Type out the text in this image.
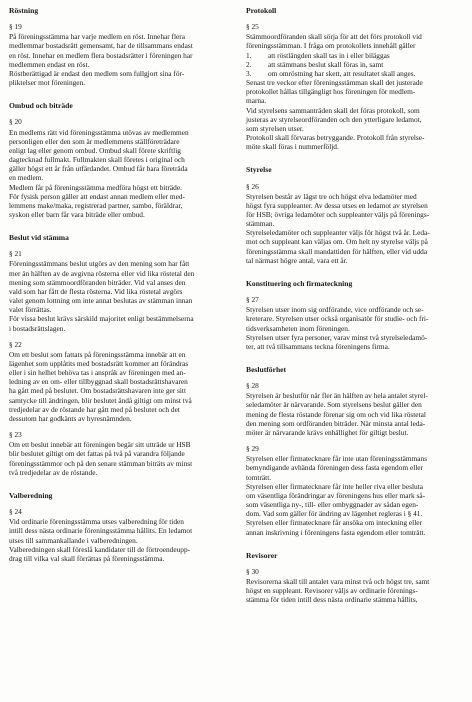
Röstning
§ 19
På föreningsstämma har varje medlem en röst. Innehar flera
medlemmar bostadsrätt gemensamt, har de tillsammans endast
en röst. Innehar en medlem flera bostadsrätter i föreningen har
medlemmen endast en röst.
Röstberättigad är endast den medlem som fullgjort sina för-
pliktelser mot föreningen.
Ombud och biträde
§ 20
En medlems rätt vid föreningsstämma utövas av medlemmen
personligen eller den som är medlemmens ställföreträdare
enligt lag eller genom ombud. Ombud skall förete skriftlig
dagtecknad fullmakt. Fullmakten skall företes i original och
gäller högst ett år från utfärdandet. Ombud får bara företräda
en medlem.
Medlem får på föreningsstämma medföra högst ett biträde.
För fysisk person gäller att endast annan medlem eller med-
lemmens make/maka, registrerad partner, sambo, föräldrar,
syskon eller barn får vara biträde eller ombud.
Beslut vid stämma
§ 21
Föreningsstämmans beslut utgörs av den mening som har fått
mer än hälften av de avgivna rösterna eller vid lika röstetal den
mening som stämmoordföranden biträder. Vid val anses den
vald som har fått de flesta rösterna. Vid lika röstetal avgörs
valet genom lottning om inte annat beslutas av stämman innan
valet förrättas.
För vissa beslut krävs särskild majoritet enligt bestämmelserna
i bostadsrättslagen.
§ 22
Om ett beslut som fattats på föreningsstämma innebär att en
lägenhet som upplåtits med bostadsrätt kommer att förändras
eller i sin helhet behöva tas i anspråk av föreningen med an-
ledning av en om- eller tillbyggnad skall bostadsrättshavaren
ha gått med på beslutet. Om bostadsrättshavaren inte ger sitt
samtycke till ändringen, blir beslutet ändå giltigt om minst två
tredjedelar av de röstande har gått med på beslutet och det
dessutom har godkänts av hyresnämnden.
§ 23
Om ett beslut innebär att föreningen begär sitt utträde ur HSB
blir beslutet giltigt om det fattas på två på varandra följande
föreningsstämmor och på den senare stämman biträts av minst
två tredjedelar av de röstande.
Valberedning
§ 24
Vid ordinarie föreningsstämma utses valberedning för tiden
intill dess nästa ordinarie föreningsstämma hållits. En ledamot
utses till sammankallande i valberedningen.
Valberedningen skall föreslå kandidater till de förtroendeupp-
drag till vilka val skall förrättas på föreningsstämma.
Protokoll
§ 25
Stämmoordföranden skall sörja för att det förs protokoll vid
föreningsstämman. I fråga om protokollets innehåll gäller
1.	att röstlängden skall tas in i eller biläggas
2.	att stämmans beslut skall föras in, samt
3.	om omröstning har skett, att resultatet skall anges.
Senast tre veckor efter föreningsstämman skall det justerade
protokollet hållas tillgängligt hos föreningen för medlem-
marna.
Vid styrelsens sammanträden skall det föras protokoll, som
justeras av styrelseordföranden och den ytterligare ledamot,
som styrelsen utser.
Protokoll skall förvaras betryggande. Protokoll från styrelse-
möte skall föras i nummerföljd.
Styrelse
§ 26
Styrelsen består av lägst tre och högst elva ledamöter med
högst fyra suppleanter. Av dessa utses en ledamot av styrelsen
för HSB; övriga ledamöter och suppleanter väljs på förenings-
stämman.
Styrelseledamöter och suppleanter väljs för högst två år. Leda-
mot och suppleant kan väljas om. Om helt ny styrelse väljs på
föreningsstämma skall mandattiden för hälften, eller vid udda
tal närmast högre antal, vara ett år.
Konstituering och firmateckning
§ 27
Styrelsen utser inom sig ordförande, vice ordförande och se-
kreterare. Styrelsen utser också organisatör för studie- och fri-
tidsverksamheten inom föreningen.
Styrelsen utser fyra personer, varav minst två styrelseledamö-
ter, att två tillsammans teckna föreningens firma.
Beslutförhet
§ 28
Styrelsen är beslutför när fler än hälften av hela antalet styrel-
seledamöter är närvarande. Som styrelsens beslut gäller den
mening de flesta röstande förenar sig om och vid lika röstetal
den mening som ordföranden biträder. När minsta antal leda-
möter är närvarande krävs enhällighet för giltigt beslut.
§ 29
Styrelsen eller firmatecknare får inte utan föreningsstämmans
bemyndigande avhända föreningen dess fasta egendom eller
tomträtt.
Styrelsen eller firmatecknare får inte heller riva eller besluta
om väsentliga förändringar av föreningens hus eller mark så-
som väsentliga ny-, till- eller ombyggnader av sådan egen-
dom. Vad som gäller för ändring av lägenhet regleras i § 41.
Styrelsen eller firmatecknare får ansöka om inteckning eller
annan inskrivning i föreningens fasta egendom eller tomträtt.
Revisorer
§ 30
Revisorerna skall till antalet vara minst två och högst tre, samt
högst en suppleant. Revisorer väljs av ordinarie förenings-
stämma för tiden intill dess nästa ordinarie stämma hållits,
